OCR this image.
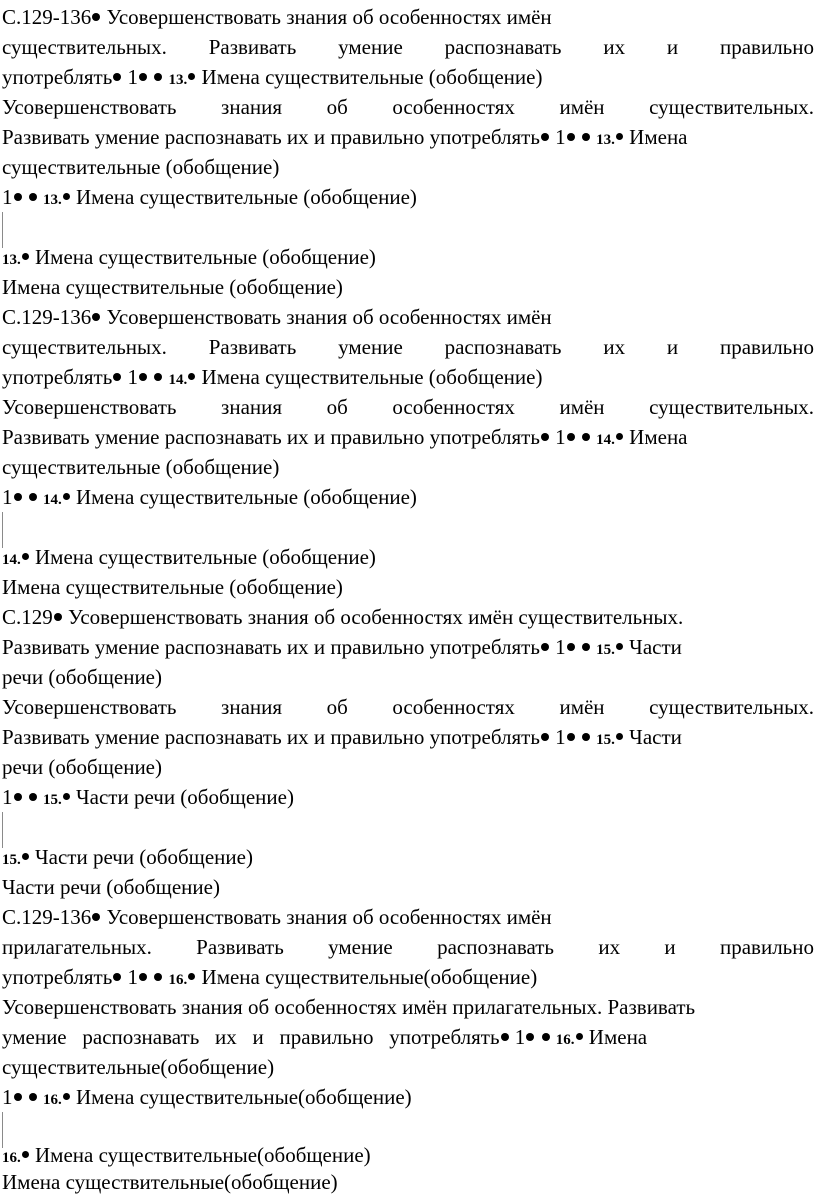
С.129-136 Усовершенствовать знания об особенностях имён
существительных. Развивать умение распознавать их и правильно
употреблять 1 13. Имена существительные (обобщение)
Усовершенствовать знания об особенностях имён существительных.
Развивать умение распознавать их и правильно употреблять 1 13. Имена
существительные (обобщение)
1 13. Имена существительные (обобщение)
13. Имена существительные (обобщение)
Имена существительные (обобщение)
С.129-136 Усовершенствовать знания об особенностях имён
существительных. Развивать умение распознавать их и правильно
употреблять 1 14. Имена существительные (обобщение)
Усовершенствовать знания об особенностях имён существительных.
Развивать умение распознавать их и правильно употреблять 1 14. Имена
существительные (обобщение)
1 14. Имена существительные (обобщение)
14. Имена существительные (обобщение)
Имена существительные (обобщение)
С.129 Усовершенствовать знания об особенностях имён существительных.
Развивать умение распознавать их и правильно употреблять 1 15. Части
речи (обобщение)
Усовершенствовать знания об особенностях имён существительных.
Развивать умение распознавать их и правильно употреблять 1 15. Части
речи (обобщение)
1 15. Части речи (обобщение)
15. Части речи (обобщение)
Части речи (обобщение)
С.129-136 Усовершенствовать знания об особенностях имён
прилагательных. Развивать умение распознавать их и правильно
употреблять 1 16. Имена существительные(обобщение)
Усовершенствовать знания об особенностях имён прилагательных. Развивать
умение   распознавать   их   и   правильно   употреблять 1 16. Имена
существительные(обобщение)
1 16. Имена существительные(обобщение)
16. Имена существительные(обобщение)
Имена существительные(обобщение)
